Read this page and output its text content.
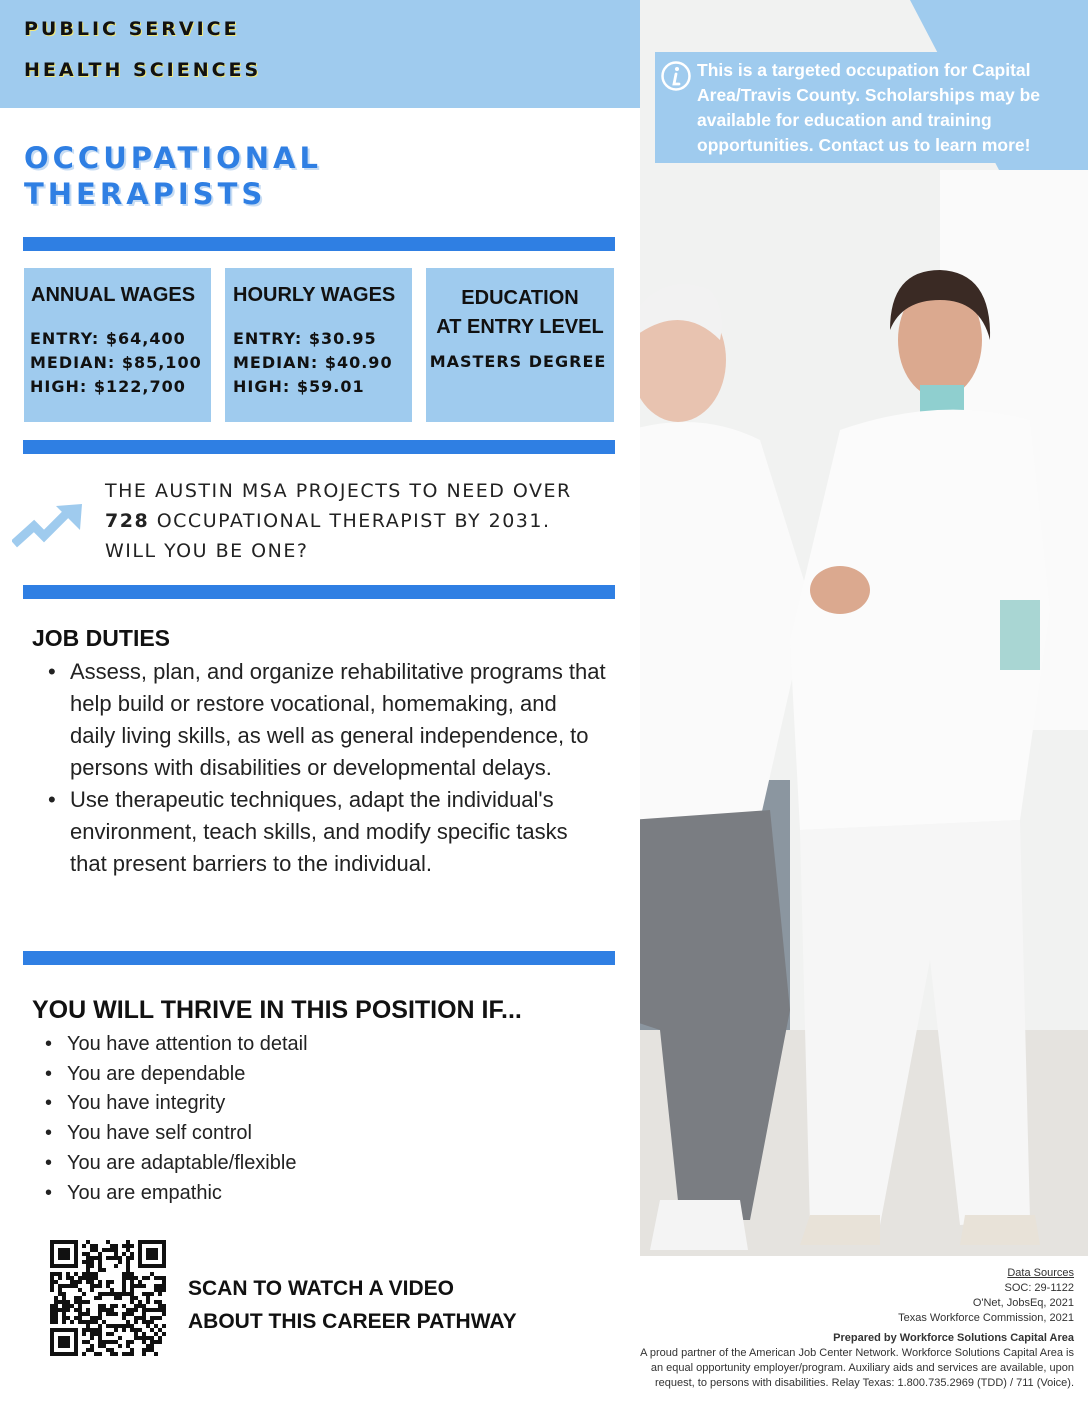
PUBLIC SERVICE
HEALTH SCIENCES
OCCUPATIONAL
THERAPISTS
ANNUAL WAGES
ENTRY: $64,400
MEDIAN: $85,100
HIGH: $122,700
HOURLY WAGES
ENTRY: $30.95
MEDIAN: $40.90
HIGH: $59.01
EDUCATION
AT ENTRY LEVEL
MASTERS DEGREE
THE AUSTIN MSA PROJECTS TO NEED OVER
728 OCCUPATIONAL THERAPIST BY 2031.
WILL YOU BE ONE?
JOB DUTIES
• Assess, plan, and organize rehabilitative programs that help build or restore vocational, homemaking, and daily living skills, as well as general independence, to persons with disabilities or developmental delays.
• Use therapeutic techniques, adapt the individual's environment, teach skills, and modify specific tasks that present barriers to the individual.
YOU WILL THRIVE IN THIS POSITION IF...
• You have attention to detail
• You are dependable
• You have integrity
• You have self control
• You are adaptable/flexible
• You are empathic
SCAN TO WATCH A VIDEO
ABOUT THIS CAREER PATHWAY
This is a targeted occupation for Capital Area/Travis County. Scholarships may be available for education and training opportunities. Contact us to learn more!
Data Sources
SOC: 29-1122
O'Net, JobsEq, 2021
Texas Workforce Commission, 2021
Prepared by Workforce Solutions Capital Area
A proud partner of the American Job Center Network. Workforce Solutions Capital Area is
an equal opportunity employer/program. Auxiliary aids and services are available, upon
request, to persons with disabilities. Relay Texas: 1.800.735.2969 (TDD) / 711 (Voice).
